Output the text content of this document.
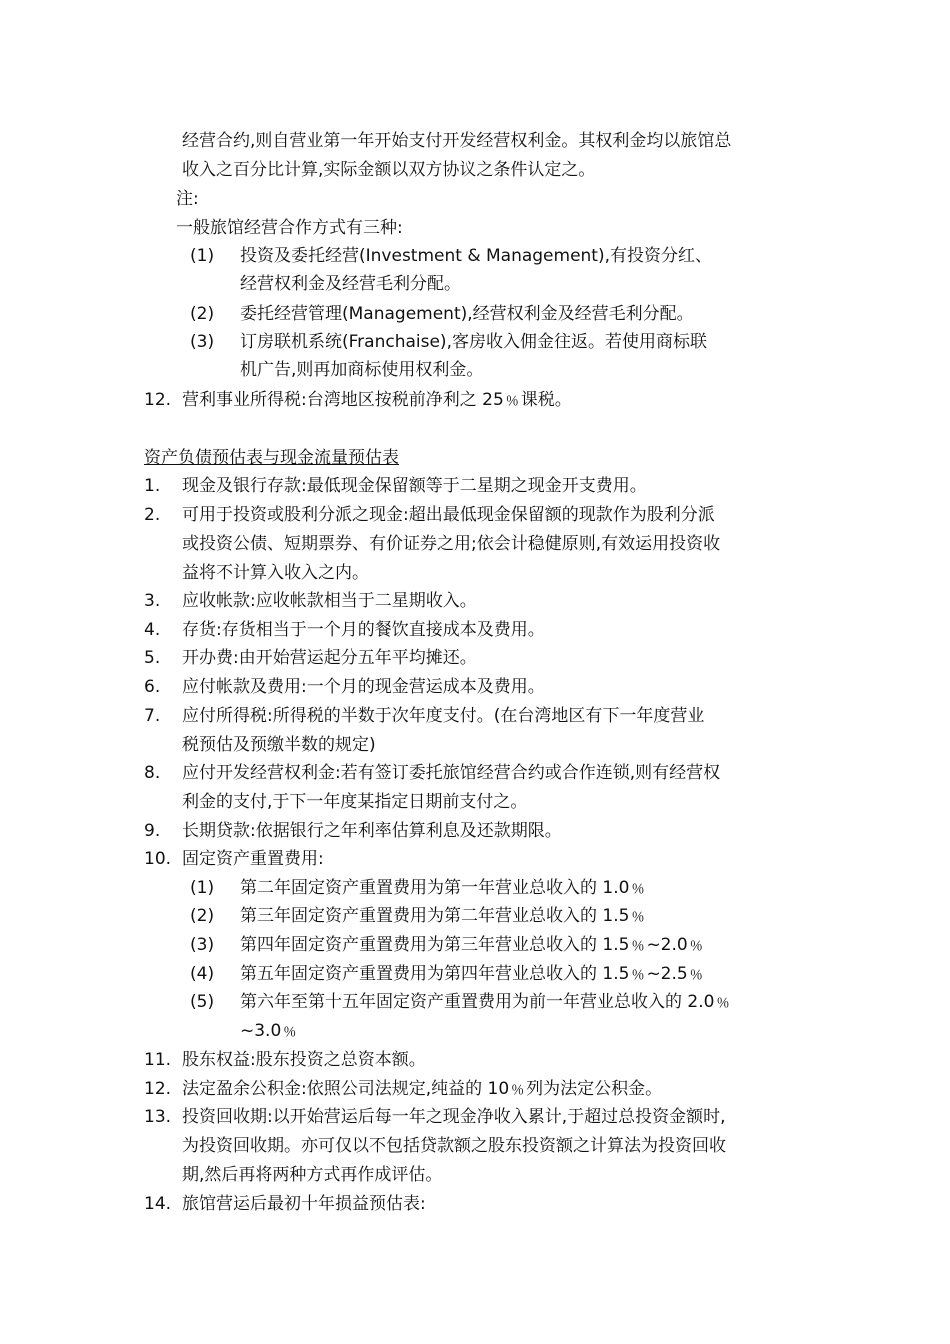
经营合约,则自营业第一年开始支付开发经营权利金。其权利金均以旅馆总
收入之百分比计算,实际金额以双方协议之条件认定之。
注:
一般旅馆经营合作方式有三种:
(1) 投资及委托经营(Investment & Management),有投资分红、
经营权利金及经营毛利分配。
(2) 委托经营管理(Management),经营权利金及经营毛利分配。
(3) 订房联机系统(Franchaise),客房收入佣金往返。若使用商标联
机广告,则再加商标使用权利金。
12. 营利事业所得税:台湾地区按税前净利之 25﹪课税。
资产负债预估表与现金流量预估表
1. 现金及银行存款:最低现金保留额等于二星期之现金开支费用。
2. 可用于投资或股利分派之现金:超出最低现金保留额的现款作为股利分派
或投资公债、短期票券、有价证券之用;依会计稳健原则,有效运用投资收
益将不计算入收入之内。
3. 应收帐款:应收帐款相当于二星期收入。
4. 存货:存货相当于一个月的餐饮直接成本及费用。
5. 开办费:由开始营运起分五年平均摊还。
6. 应付帐款及费用:一个月的现金营运成本及费用。
7. 应付所得税:所得税的半数于次年度支付。(在台湾地区有下一年度营业
税预估及预缴半数的规定)
8. 应付开发经营权利金:若有签订委托旅馆经营合约或合作连锁,则有经营权
利金的支付,于下一年度某指定日期前支付之。
9. 长期贷款:依据银行之年利率估算利息及还款期限。
10. 固定资产重置费用:
(1) 第二年固定资产重置费用为第一年营业总收入的 1.0﹪
(2) 第三年固定资产重置费用为第二年营业总收入的 1.5﹪
(3) 第四年固定资产重置费用为第三年营业总收入的 1.5﹪~2.0﹪
(4) 第五年固定资产重置费用为第四年营业总收入的 1.5﹪~2.5﹪
(5) 第六年至第十五年固定资产重置费用为前一年营业总收入的 2.0﹪
~3.0﹪
11. 股东权益:股东投资之总资本额。
12. 法定盈余公积金:依照公司法规定,纯益的 10﹪列为法定公积金。
13. 投资回收期:以开始营运后每一年之现金净收入累计,于超过总投资金额时,
为投资回收期。亦可仅以不包括贷款额之股东投资额之计算法为投资回收
期,然后再将两种方式再作成评估。
14. 旅馆营运后最初十年损益预估表:
